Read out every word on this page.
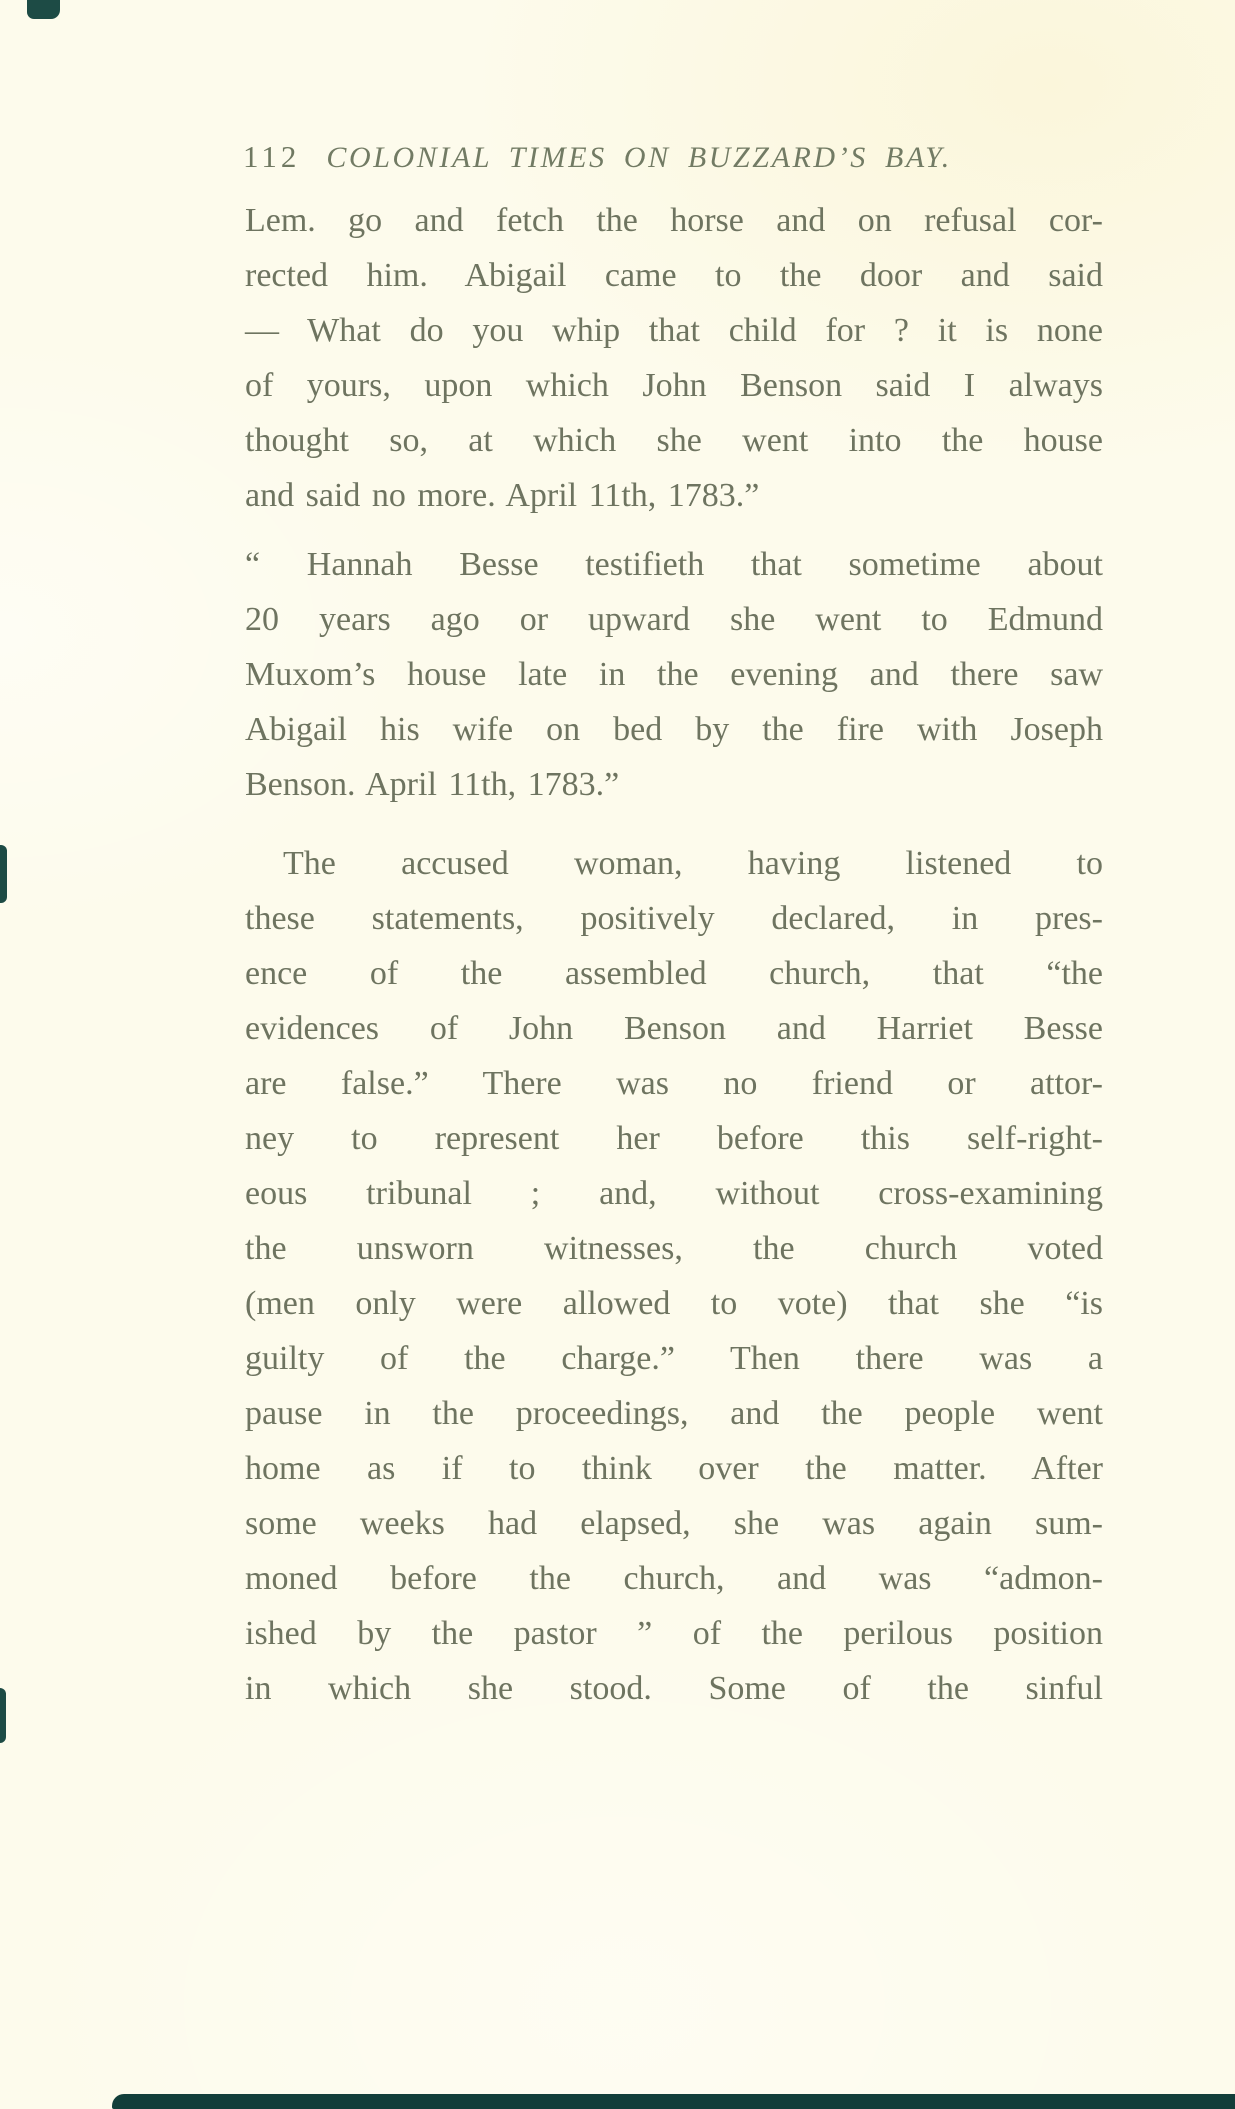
112 COLONIAL TIMES ON BUZZARD’S BAY.
Lem. go and fetch the horse and on refusal cor-
rected him. Abigail came to the door and said
— What do you whip that child for ? it is none
of yours, upon which John Benson said I always
thought so, at which she went into the house
and said no more. April 11th, 1783.”
“ Hannah Besse testifieth that sometime about
20 years ago or upward she went to Edmund
Muxom’s house late in the evening and there saw
Abigail his wife on bed by the fire with Joseph
Benson. April 11th, 1783.”
The accused woman, having listened to
these statements, positively declared, in pres-
ence of the assembled church, that “the
evidences of John Benson and Harriet Besse
are false.” There was no friend or attor-
ney to represent her before this self-right-
eous tribunal ; and, without cross-examining
the unsworn witnesses, the church voted
(men only were allowed to vote) that she “is
guilty of the charge.” Then there was a
pause in the proceedings, and the people went
home as if to think over the matter. After
some weeks had elapsed, she was again sum-
moned before the church, and was “admon-
ished by the pastor ” of the perilous position
in which she stood. Some of the sinful
